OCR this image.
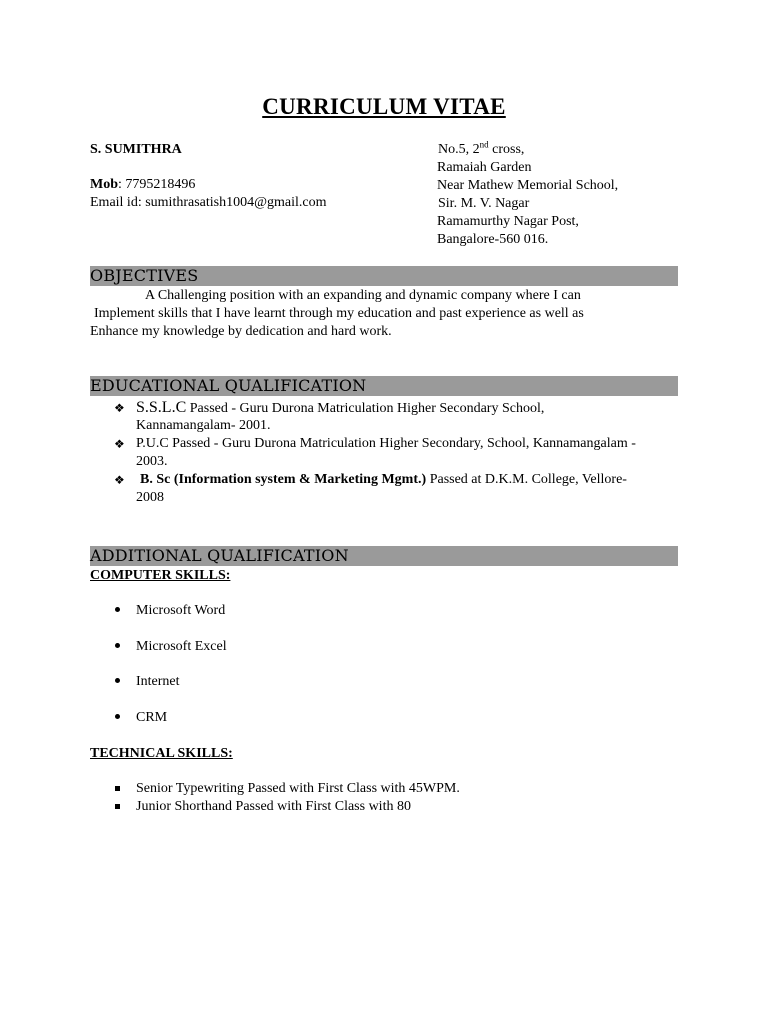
CURRICULUM VITAE
S. SUMITHRA
Mob: 7795218496
Email id: sumithrasatish1004@gmail.com
No.5, 2nd cross,
Ramaiah Garden
Near Mathew Memorial School,
Sir. M. V. Nagar
Ramamurthy Nagar Post,
Bangalore-560 016.
OBJECTIVES
A Challenging position with an expanding and dynamic company where I can
Implement skills that I have learnt through my education and past experience as well as
Enhance my knowledge by dedication and hard work.
EDUCATIONAL QUALIFICATION
❖ S.S.L.C Passed - Guru Durona Matriculation Higher Secondary School,
Kannamangalam- 2001.
❖ P.U.C Passed - Guru Durona Matriculation Higher Secondary, School, Kannamangalam -
2003.
❖ B. Sc (Information system & Marketing Mgmt.) Passed at D.K.M. College, Vellore-
2008
ADDITIONAL QUALIFICATION
COMPUTER SKILLS:
Microsoft Word
Microsoft Excel
Internet
CRM
TECHNICAL SKILLS:
Senior Typewriting Passed with First Class with 45WPM.
Junior Shorthand Passed with First Class with 80
